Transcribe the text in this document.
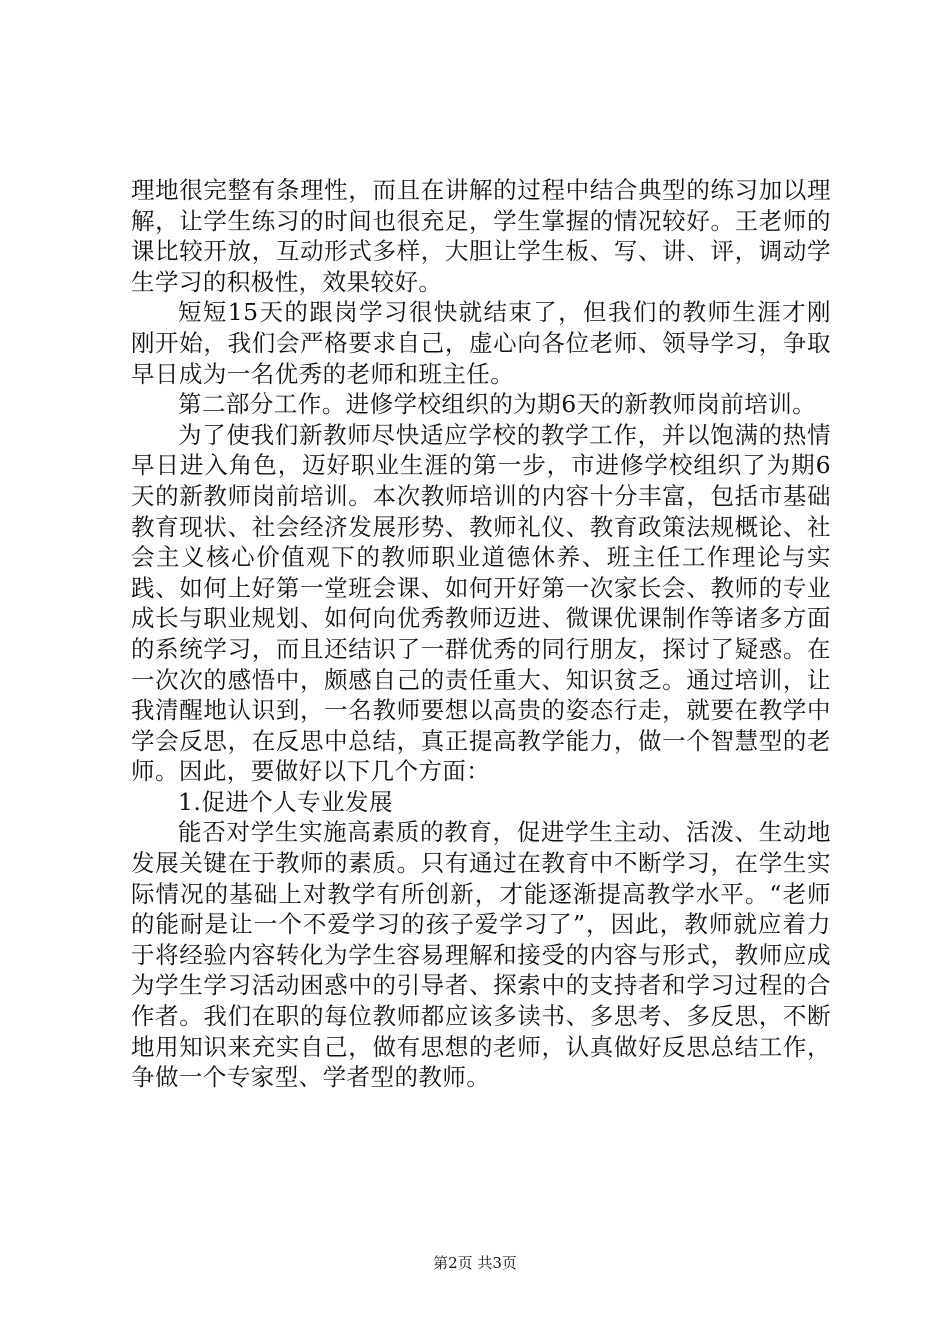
理地很完整有条理性，而且在讲解的过程中结合典型的练习加以理解，让学生练习的时间也很充足，学生掌握的情况较好。王老师的课比较开放，互动形式多样，大胆让学生板、写、讲、评，调动学生学习的积极性，效果较好。

短短15天的跟岗学习很快就结束了，但我们的教师生涯才刚刚开始，我们会严格要求自己，虚心向各位老师、领导学习，争取早日成为一名优秀的老师和班主任。

第二部分工作。进修学校组织的为期6天的新教师岗前培训。

为了使我们新教师尽快适应学校的教学工作，并以饱满的热情早日进入角色，迈好职业生涯的第一步，市进修学校组织了为期6天的新教师岗前培训。本次教师培训的内容十分丰富，包括市基础教育现状、社会经济发展形势、教师礼仪、教育政策法规概论、社会主义核心价值观下的教师职业道德休养、班主任工作理论与实践、如何上好第一堂班会课、如何开好第一次家长会、教师的专业成长与职业规划、如何向优秀教师迈进、微课优课制作等诸多方面的系统学习，而且还结识了一群优秀的同行朋友，探讨了疑惑。在一次次的感悟中，颇感自己的责任重大、知识贫乏。通过培训，让我清醒地认识到，一名教师要想以高贵的姿态行走，就要在教学中学会反思，在反思中总结，真正提高教学能力，做一个智慧型的老师。因此，要做好以下几个方面：

1.促进个人专业发展

能否对学生实施高素质的教育，促进学生主动、活泼、生动地发展关键在于教师的素质。只有通过在教育中不断学习，在学生实际情况的基础上对教学有所创新，才能逐渐提高教学水平。“老师的能耐是让一个不爱学习的孩子爱学习了”，因此，教师就应着力于将经验内容转化为学生容易理解和接受的内容与形式，教师应成为学生学习活动困惑中的引导者、探索中的支持者和学习过程的合作者。我们在职的每位教师都应该多读书、多思考、多反思，不断地用知识来充实自己，做有思想的老师，认真做好反思总结工作，争做一个专家型、学者型的教师。

第2页 共3页
